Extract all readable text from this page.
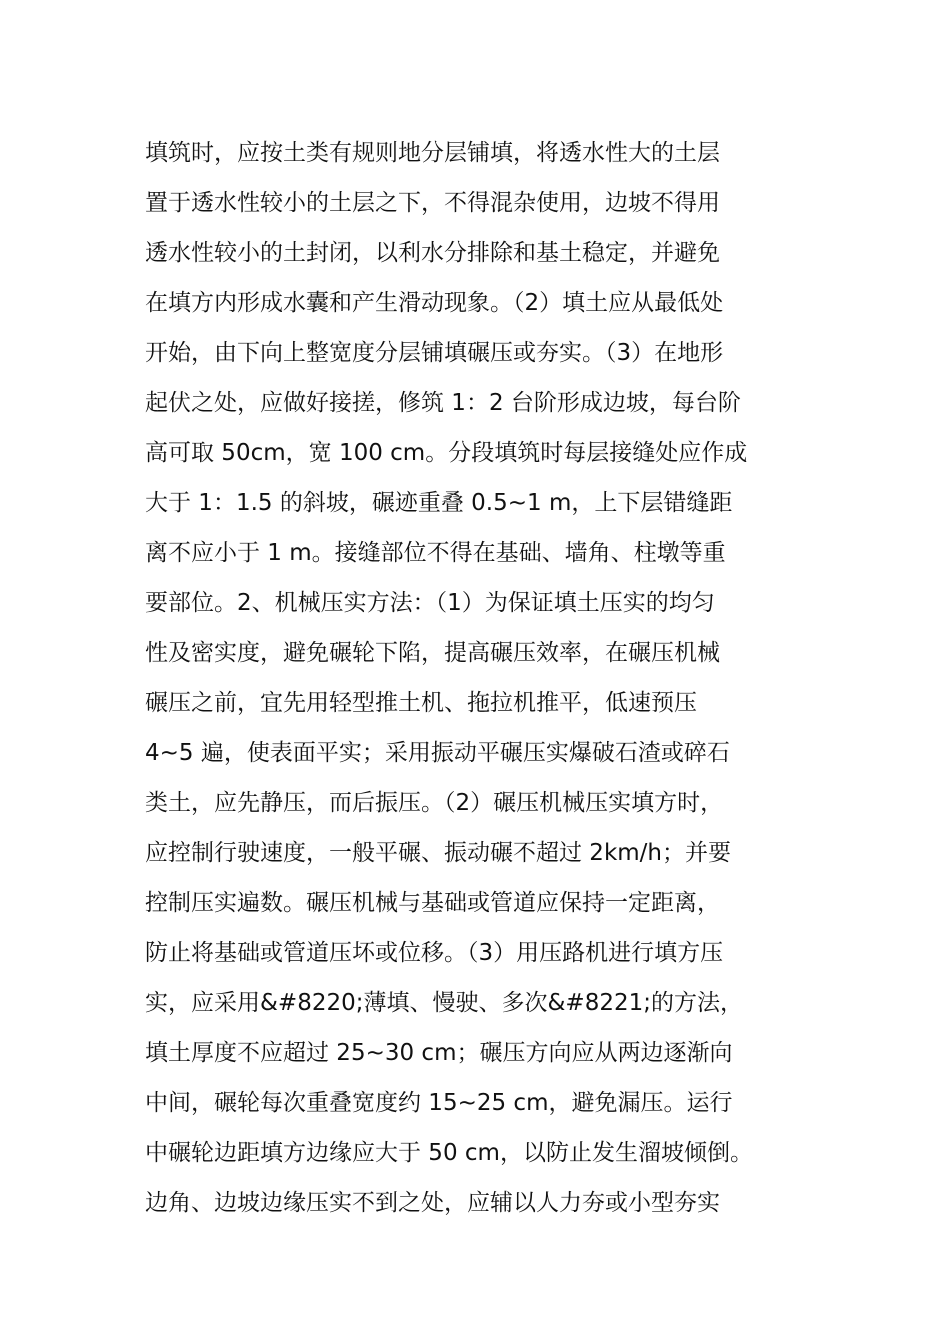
填筑时，应按土类有规则地分层铺填，将透水性大的土层
置于透水性较小的土层之下，不得混杂使用，边坡不得用
透水性较小的土封闭，以利水分排除和基土稳定，并避免
在填方内形成水囊和产生滑动现象。（2）填土应从最低处
开始，由下向上整宽度分层铺填碾压或夯实。（3）在地形
起伏之处，应做好接搓，修筑 1：2 台阶形成边坡，每台阶
高可取 50cm，宽 100 cm。分段填筑时每层接缝处应作成
大于 1：1.5 的斜坡，碾迹重叠 0.5~1 m，上下层错缝距
离不应小于 1 m。接缝部位不得在基础、墙角、柱墩等重
要部位。2、机械压实方法：（1）为保证填土压实的均匀
性及密实度，避免碾轮下陷，提高碾压效率，在碾压机械
碾压之前，宜先用轻型推土机、拖拉机推平，低速预压
4~5 遍，使表面平实；采用振动平碾压实爆破石渣或碎石
类土，应先静压，而后振压。（2）碾压机械压实填方时，
应控制行驶速度，一般平碾、振动碾不超过 2km/h；并要
控制压实遍数。碾压机械与基础或管道应保持一定距离，
防止将基础或管道压坏或位移。（3）用压路机进行填方压
实，应采用&#8220;薄填、慢驶、多次&#8221;的方法，
填土厚度不应超过 25~30 cm；碾压方向应从两边逐渐向
中间，碾轮每次重叠宽度约 15~25 cm，避免漏压。运行
中碾轮边距填方边缘应大于 50 cm，以防止发生溜坡倾倒。
边角、边坡边缘压实不到之处，应辅以人力夯或小型夯实
